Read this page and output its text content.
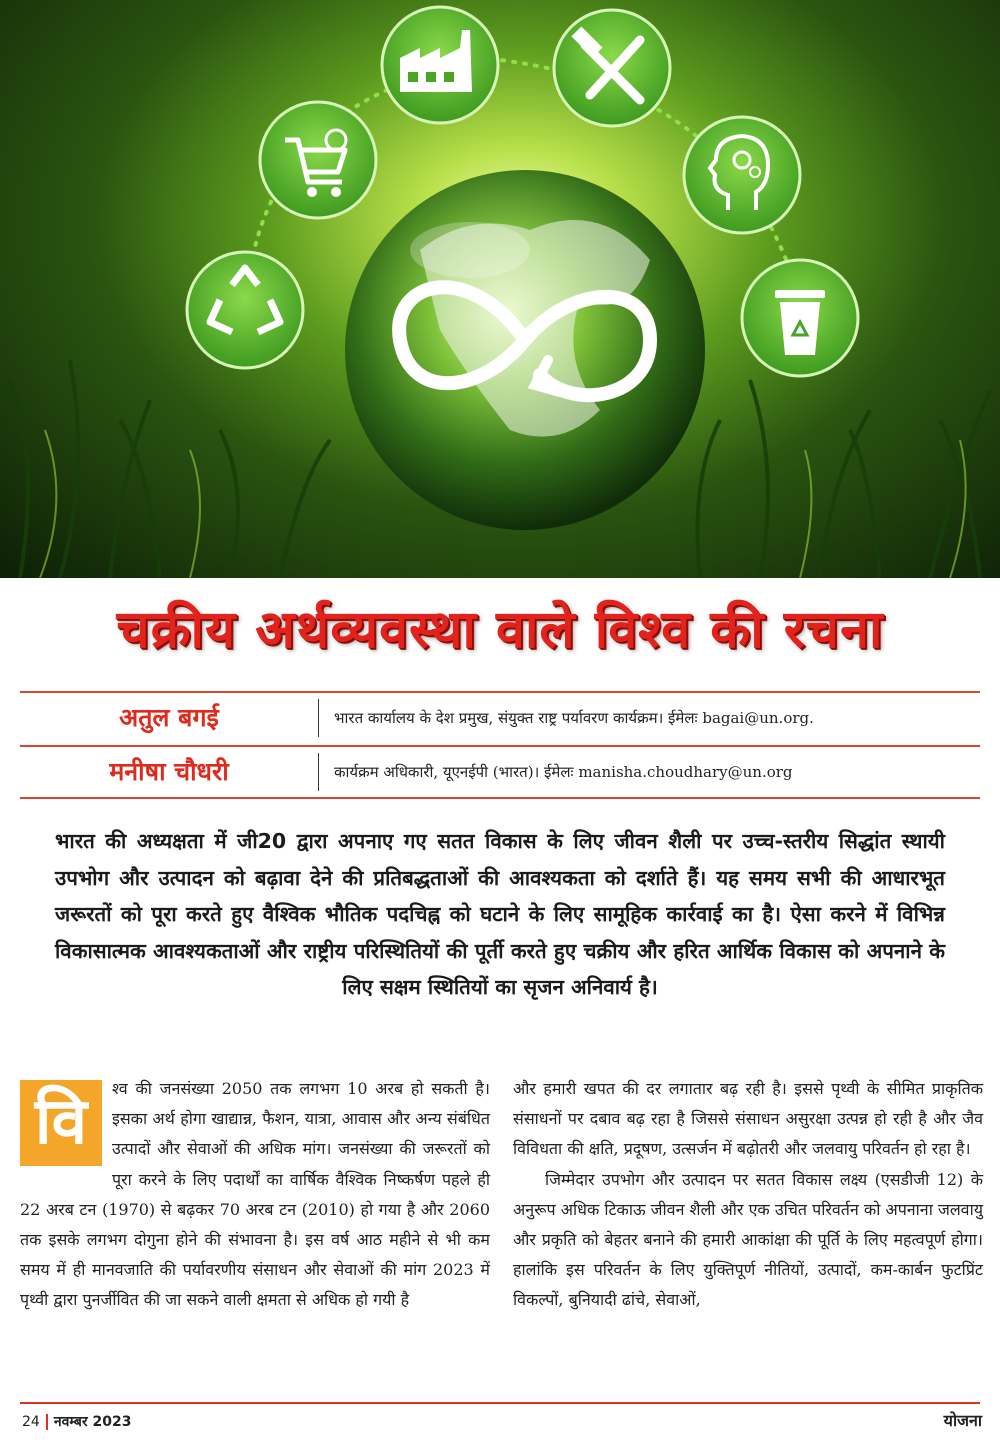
चक्रीय अर्थव्यवस्था वाले विश्व की रचना
अतुल बगई	भारत कार्यालय के देश प्रमुख, संयुक्त राष्ट्र पर्यावरण कार्यक्रम। ईमेलः bagai@un.org.
मनीषा चौधरी	कार्यक्रम अधिकारी, यूएनईपी (भारत)। ईमेलः manisha.choudhary@un.org
भारत की अध्यक्षता में जी20 द्वारा अपनाए गए सतत विकास के लिए जीवन शैली पर उच्च-स्तरीय सिद्धांत स्थायी उपभोग और उत्पादन को बढ़ावा देने की प्रतिबद्धताओं की आवश्यकता को दर्शाते हैं। यह समय सभी की आधारभूत जरूरतों को पूरा करते हुए वैश्विक भौतिक पदचिह्न को घटाने के लिए सामूहिक कार्रवाई का है। ऐसा करने में विभिन्न विकासात्मक आवश्यकताओं और राष्ट्रीय परिस्थितियों की पूर्ती करते हुए चक्रीय और हरित आर्थिक विकास को अपनाने के लिए सक्षम स्थितियों का सृजन अनिवार्य है।

वि	श्व की जनसंख्या 2050 तक लगभग 10 अरब हो सकती है। इसका अर्थ होगा खाद्यान्न, फैशन, यात्रा, आवास और अन्य संबंधित उत्पादों और सेवाओं की अधिक मांग। जनसंख्या की जरूरतों को पूरा करने के लिए पदार्थों का वार्षिक वैश्विक निष्कर्षण पहले ही 22 अरब टन (1970) से बढ़कर 70 अरब टन (2010) हो गया है और 2060 तक इसके लगभग दोगुना होने की संभावना है। इस वर्ष आठ महीने से भी कम समय में ही मानवजाति की पर्यावरणीय संसाधन और सेवाओं की मांग 2023 में पृथ्वी द्वारा पुनर्जीवित की जा सकने वाली क्षमता से अधिक हो गयी है

और हमारी खपत की दर लगातार बढ़ रही है। इससे पृथ्वी के सीमित प्राकृतिक संसाधनों पर दबाव बढ़ रहा है जिससे संसाधन असुरक्षा उत्पन्न हो रही है और जैव विविधता की क्षति, प्रदूषण, उत्सर्जन में बढ़ोतरी और जलवायु परिवर्तन हो रहा है।

जिम्मेदार उपभोग और उत्पादन पर सतत विकास लक्ष्य (एसडीजी 12) के अनुरूप अधिक टिकाऊ जीवन शैली और एक उचित परिवर्तन को अपनाना जलवायु और प्रकृति को बेहतर बनाने की हमारी आकांक्षा की पूर्ति के लिए महत्वपूर्ण होगा। हालांकि इस परिवर्तन के लिए युक्तिपूर्ण नीतियों, उत्पादों, कम-कार्बन फुटप्रिंट विकल्पों, बुनियादी ढांचे, सेवाओं,

24 नवम्बर 2023	योजना
